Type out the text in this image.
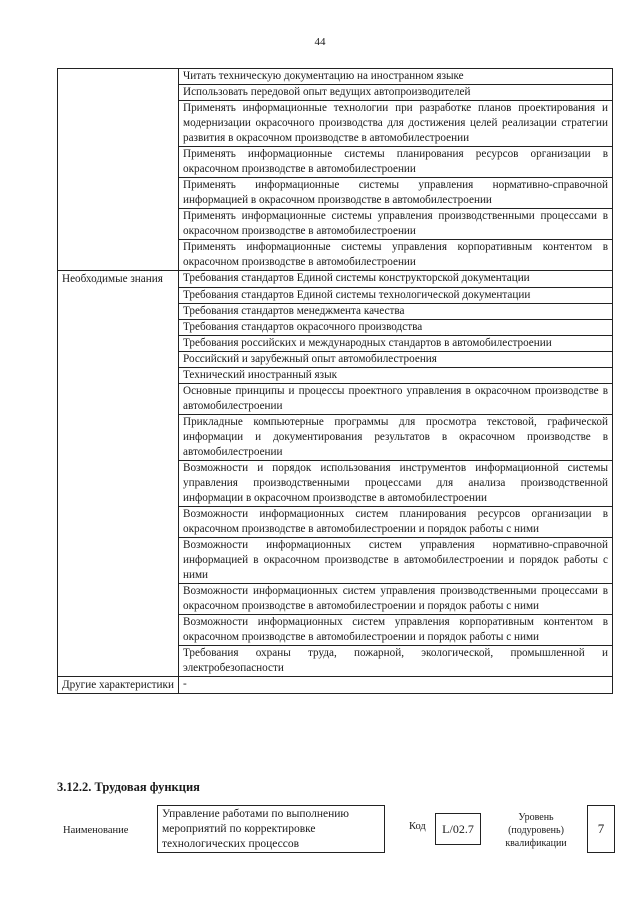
44
	Читать техническую документацию на иностранном языке
	Использовать передовой опыт ведущих автопроизводителей
	Применять информационные технологии при разработке планов проектирования и модернизации окрасочного производства для достижения целей реализации стратегии развития в окрасочном производстве в автомобилестроении
	Применять информационные системы планирования ресурсов организации в окрасочном производстве в автомобилестроении
	Применять информационные системы управления нормативно-справочной информацией в окрасочном производстве в автомобилестроении
	Применять информационные системы управления производственными процессами в окрасочном производстве в автомобилестроении
	Применять информационные системы управления корпоративным контентом в окрасочном производстве в автомобилестроении
Необходимые знания	Требования стандартов Единой системы конструкторской документации
	Требования стандартов Единой системы технологической документации
	Требования стандартов менеджмента качества
	Требования стандартов окрасочного производства
	Требования российских и международных стандартов в автомобилестроении
	Российский и зарубежный опыт автомобилестроения
	Технический иностранный язык
	Основные принципы и процессы проектного управления в окрасочном производстве в автомобилестроении
	Прикладные компьютерные программы для просмотра текстовой, графической информации и документирования результатов в окрасочном производстве в автомобилестроении
	Возможности и порядок использования инструментов информационной системы управления производственными процессами для анализа производственной информации в окрасочном производстве в автомобилестроении
	Возможности информационных систем планирования ресурсов организации в окрасочном производстве в автомобилестроении и порядок работы с ними
	Возможности информационных систем управления нормативно-справочной информацией в окрасочном производстве в автомобилестроении и порядок работы с ними
	Возможности информационных систем управления производственными процессами в окрасочном производстве в автомобилестроении и порядок работы с ними
	Возможности информационных систем управления корпоративным контентом в окрасочном производстве в автомобилестроении и порядок работы с ними
	Требования охраны труда, пожарной, экологической, промышленной и электробезопасности
Другие характеристики	-
3.12.2. Трудовая функция
Наименование
Управление работами по выполнению мероприятий по корректировке технологических процессов
Код	L/02.7
Уровень (подуровень) квалификации
7
